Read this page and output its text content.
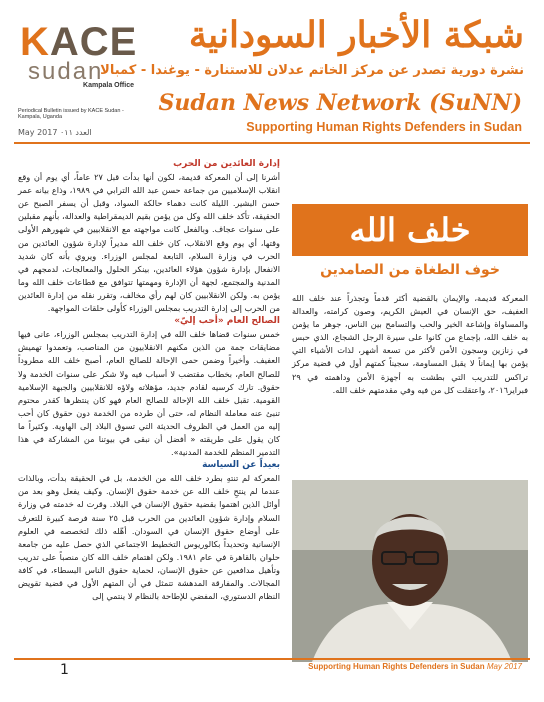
KACE
sudan
Kampala Office
Periodical Bulletin issued by KACE Sudan - Kampala, Uganda
May 2017 العدد ٠١١
شبكة الأخبار السودانية
نشرة دورية تصدر عن مركز الخاتم عدلان للاستنارة - يوغندا - كمبالا
Sudan News Network (SuNN)
Supporting Human Rights Defenders in Sudan

إدارة العائدين من الحرب

أشرنا إلى أن المعركة قديمة، لكون أنها بدأت قبل ٢٧ عاماً، أي يوم أن وقع انقلاب الإسلاميين من جماعة حسن عبد الله الترابي في ١٩٨٩، وذاع بيانه عمر حسن البشير. الليلة كانت دهماء حالكة السواد، وقبل أن يسفر الصبح عن الحقيقة، تأكد خلف الله وكل من يؤمن بقيم الديمقراطية والعدالة، بأنهم مقبلين على سنوات عجاف. وبالفعل كانت مواجهته مع الانقلابيين في شهورهم الأولى وقتها، أي يوم وقع الانقلاب، كان خلف الله مديراً لإدارة شؤون العائدين من الحرب في وزارة السلام، التابعة لمجلس الوزراء. ويروي بأنه كان شديد الانفعال بإدارة شؤون هؤلاء العائدين، بينكر الحلول والمعالجات، لدمجهم في المدنية والمجتمع، لجهة أن الإدارة ومهمتها تتوافق مع قطاعات خلف الله وما يؤمن به. ولكن الانقلابيين كان لهم رأي مخالف، وتقرر نقله من إدارة العائدين من الحرب إلى إدارة التدريب بمجلس الوزراء كأولى حلقات المواجهة.

الصالح العام «أحب إليّ»

خمس سنوات قضاها خلف الله في إدارة التدريب بمجلس الوزراء، عانى فيها مضايقات جمة من الذين مكنهم الانقلابيون من المناصب، وتعمدوا تهميش العفيف. وأخيراً وضمن حمى الإحالة للصالح العام، أصبح خلف الله مطروداً للصالح العام، بخطاب مقتضب لا أسباب فيه ولا شكر على سنوات الخدمة ولا حقوق. تارك كرسيه لقادم جديد، مؤهلاته ولاؤه للانقلابيين والجبهة الإسلامية القومية. تقبل خلف الله الإحالة للصالح العام فهو كان ينتظرها كقدر محتوم تنبئ عنه معاملة النظام له، حتى أن طرده من الخدمة دون حقوق كان أحب إليه من العمل في الظروف الحديثة التي تسوق البلاد إلى الهاوية. وكثيراً ما كان يقول على طريقته « أفضل أن نبقى في بيوتنا من المشاركة في هذا التدمير المنظم للخدمة المدنية».

بعيداً عن السياسة

المعركة لم تنتهِ بطرد خلف الله من الخدمة، بل في الحقيقة بدأت، وبالذات عندما لم ينتحِ خلف الله عن خدمة حقوق الإنسان. وكيف يفعل وهو بعد من أوائل الذين اهتموا بقضية حقوق الإنسان في البلاد. وقرت له خدمته في وزارة السلام وإدارة شؤون العائدين من الحرب قبل ٢٥ سنة فرصة كبيرة للتعرف على أوضاع حقوق الإنسان في السودان. أهّله ذلك لتخصصه في العلوم الإنسانية وتحديداً بكالوريوس التخطيط الاجتماعي الذي حصل عليه من جامعة حلوان بالقاهرة في عام ١٩٨١. ولكن اهتمام خلف الله كان منصباً على تدريب وتأهيل مدافعين عن حقوق الإنسان، لحماية حقوق الناس البسطاء، في كافة المجالات. والمفارقة المدهشة تتمثل في أن المتهم الأول في قضية تقويض النظام الدستوري، المفضي للإطاحة بالنظام لا ينتمي إلى

خلف الله
خوف الطغاة من الصامدين

المعركة قديمة، والإيمان بالقضية أكثر قدماً وتجذراً عند خلف الله العفيف، حق الإنسان في العيش الكريم، وصون كرامته، والعدالة والمساواة وإشاعة الخير والحب والتسامح بين الناس، جوهر ما يؤمن به خلف الله، بإجماع من كانوا على سيرة الرجل الشجاع، الذي حبس في زنازين وسجون الأمن لأكثر من تسعة أشهر، لذات الأشياء التي يؤمن بها إيماناً لا يقبل المساومة، سجيناً كمتهم أول في قضية مركز تراكس للتدريب التي بطشت به أجهزة الأمن وداهمته في ٢٩ فبراير٢٠١٦، واعتقلت كل من فيه وفي مقدمتهم خلف الله.

1	Supporting Human Rights Defenders in Sudan May 2017
